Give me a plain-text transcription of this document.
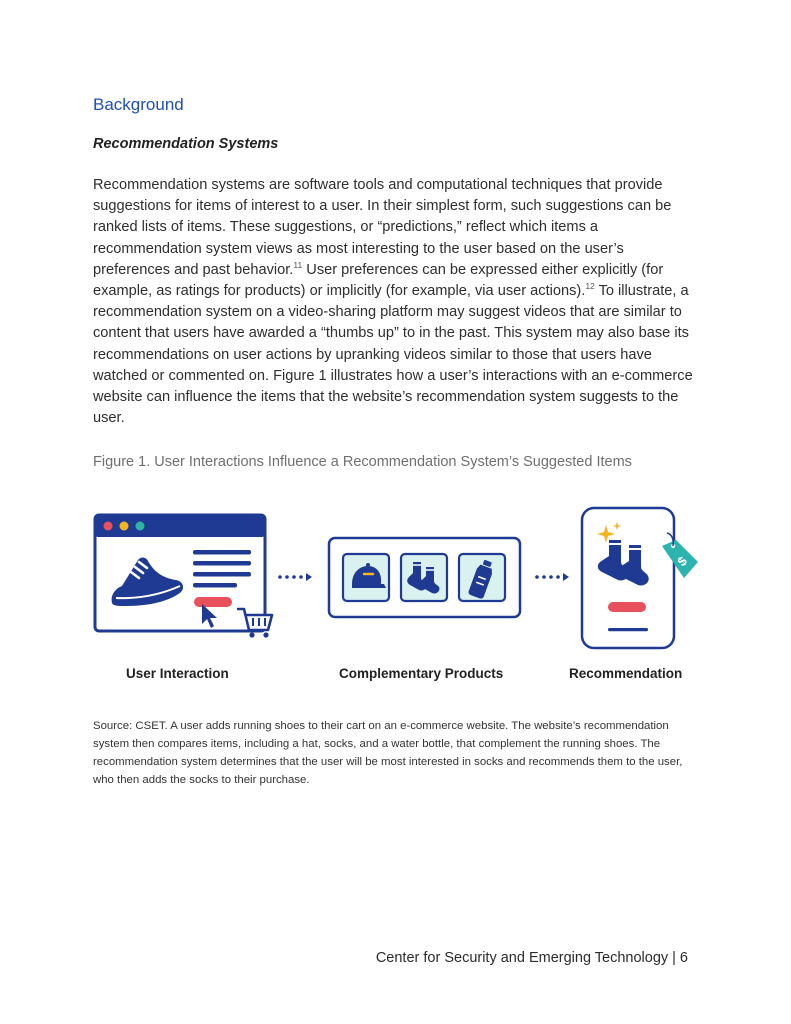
Background
Recommendation Systems

Recommendation systems are software tools and computational techniques that provide suggestions for items of interest to a user. In their simplest form, such suggestions can be ranked lists of items. These suggestions, or “predictions,” reflect which items a recommendation system views as most interesting to the user based on the user’s preferences and past behavior.$^{11}$ User preferences can be expressed either explicitly (for example, as ratings for products) or implicitly (for example, via user actions).$^{12}$ To illustrate, a recommendation system on a video-sharing platform may suggest videos that are similar to content that users have awarded a “thumbs up” to in the past. This system may also base its recommendations on user actions by upranking videos similar to those that users have watched or commented on. Figure 1 illustrates how a user’s interactions with an e-commerce website can influence the items that the website’s recommendation system suggests to the user.

Figure 1. User Interactions Influence a Recommendation System’s Suggested Items

$
User Interaction	Complementary Products	Recommendation

Source: CSET. A user adds running shoes to their cart on an e-commerce website. The website’s recommendation system then compares items, including a hat, socks, and a water bottle, that complement the running shoes. The recommendation system determines that the user will be most interested in socks and recommends them to the user, who then adds the socks to their purchase.

Center for Security and Emerging Technology | 6
